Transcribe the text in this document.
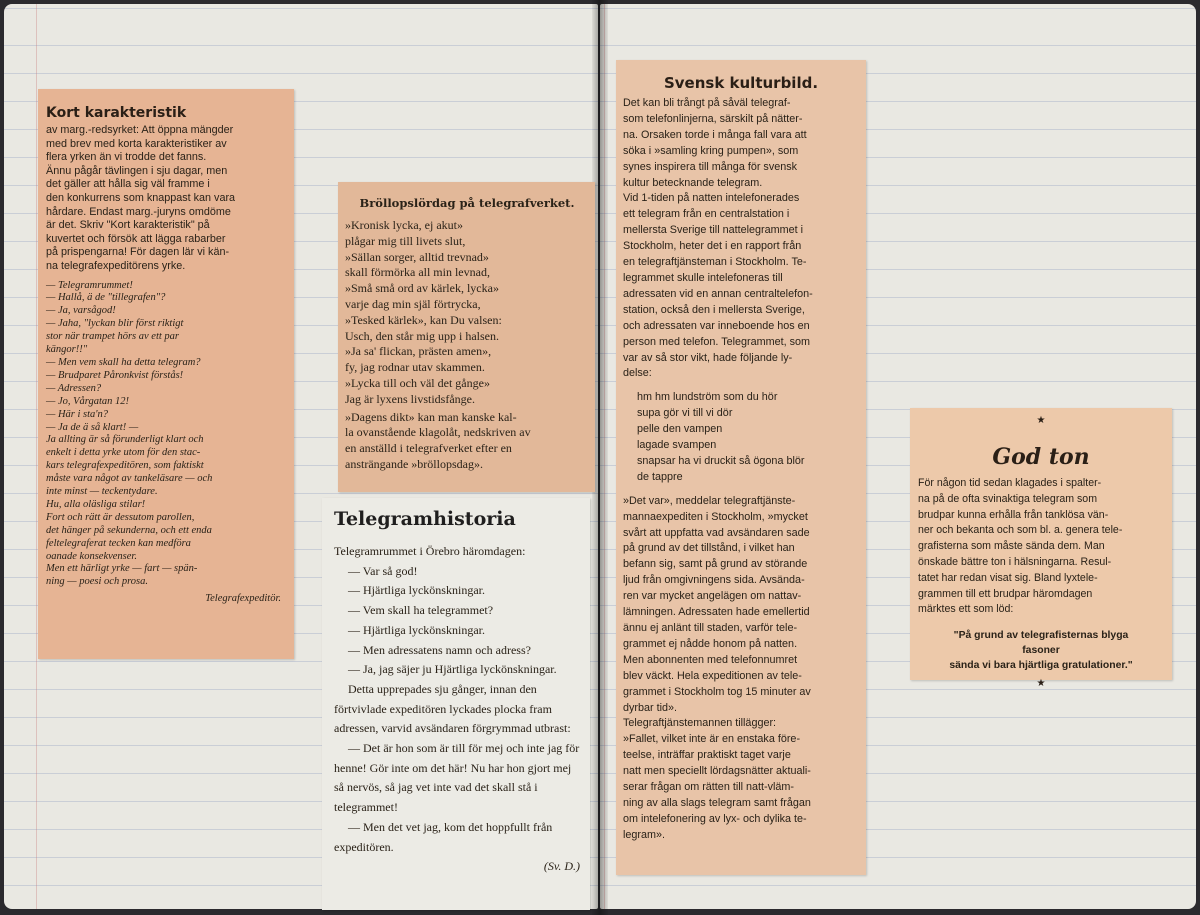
Kort karakteristik
av marg.-redsyrket: Att öppna mängder
med brev med korta karakteristiker av
flera yrken än vi trodde det fanns.
Ännu pågår tävlingen i sju dagar, men
det gäller att hålla sig väl framme i
den konkurrens som knappast kan vara
hårdare. Endast marg.-juryns omdöme
är det. Skriv "Kort karakteristik" på
kuvertet och försök att lägga rabarber
på prispengarna! För dagen lär vi kän-
na telegrafexpeditörens yrke.
— Telegramrummet!
— Hallå, ä de "tillegrafen"?
— Ja, varsågod!
— Jaha, "lyckan blir först riktigt
stor när trampet hörs av ett par
kängor!!"
— Men vem skall ha detta telegram?
— Brudparet Påronkvist förstås!
— Adressen?
— Jo, Vårgatan 12!
— Här i sta'n?
— Ja de ä så klart! —
Ja allting är så förunderligt klart och
enkelt i detta yrke utom för den stac-
kars telegrafexpeditören, som faktiskt
måste vara något av tankeläsare — och
inte minst — teckentydare.
Hu, alla oläsliga stilar!
Fort och rätt är dessutom parollen,
det hänger på sekunderna, och ett enda
feltelegraferat tecken kan medföra
oanade konsekvenser.
Men ett härligt yrke — fart — spän-
ning — poesi och prosa.
Telegrafexpeditör.
Bröllopslördag på telegrafverket.
»Kronisk lycka, ej akut»
plågar mig till livets slut,
»Sällan sorger, alltid trevnad»
skall förmörka all min levnad,
»Små små ord av kärlek, lycka»
varje dag min själ förtrycka,
»Tesked kärlek», kan Du valsen:
Usch, den står mig upp i halsen.
»Ja sa' flickan, prästen amen»,
fy, jag rodnar utav skammen.
»Lycka till och väl det gånge»
Jag är lyxens livstidsfånge.
»Dagens dikt» kan man kanske kal-
la ovanstående klagolåt, nedskriven av
en anställd i telegrafverket efter en
ansträngande »bröllopsdag».
Telegramhistoria
Telegramrummet i Örebro häromdagen:
— Var så god!
— Hjärtliga lyckönskningar.
— Vem skall ha telegrammet?
— Hjärtliga lyckönskningar.
— Men adressatens namn och adress?
— Ja, jag säjer ju Hjärtliga lyckönskningar.
Detta upprepades sju gånger, innan den förtvivlade expeditören lyckades plocka fram adressen, varvid avsändaren förgrymmad utbrast:
— Det är hon som är till för mej och inte jag för henne! Gör inte om det här! Nu har hon gjort mej så nervös, så jag vet inte vad det skall stå i telegrammet!
— Men det vet jag, kom det hoppfullt från expeditören.
(Sv. D.)
Svensk kulturbild.
Det kan bli trångt på såväl telegraf-
som telefonlinjerna, särskilt på nätter-
na. Orsaken torde i många fall vara att
söka i »samling kring pumpen», som
synes inspirera till många för svensk
kultur betecknande telegram.
Vid 1-tiden på natten intelefonerades
ett telegram från en centralstation i
mellersta Sverige till nattelegrammet i
Stockholm, heter det i en rapport från
en telegraftjänsteman i Stockholm. Te-
legrammet skulle intelefoneras till
adressaten vid en annan centraltelefon-
station, också den i mellersta Sverige,
och adressaten var inneboende hos en
person med telefon. Telegrammet, som
var av så stor vikt, hade följande ly-
delse:
hm hm lundström som du hör
supa gör vi till vi dör
pelle den vampen
lagade svampen
snapsar ha vi druckit så ögona blör
de tappre
»Det var», meddelar telegraftjänste-
mannaexpediten i Stockholm, »mycket
svårt att uppfatta vad avsändaren sade
på grund av det tillstånd, i vilket han
befann sig, samt på grund av störande
ljud från omgivningens sida. Avsända-
ren var mycket angelägen om nattav-
lämningen. Adressaten hade emellertid
ännu ej anlänt till staden, varför tele-
grammet ej nådde honom på natten.
Men abonnenten med telefonnumret
blev väckt. Hela expeditionen av tele-
grammet i Stockholm tog 15 minuter av
dyrbar tid».
Telegraftjänstemannen tillägger:
»Fallet, vilket inte är en enstaka före-
teelse, inträffar praktiskt taget varje
natt men speciellt lördagsnätter aktuali-
serar frågan om rätten till natt-vläm-
ning av alla slags telegram samt frågan
om intelefonering av lyx- och dylika te-
legram».
★
God ton
För någon tid sedan klagades i spalter-
na på de ofta svinaktiga telegram som
brudpar kunna erhålla från tanklösa vän-
ner och bekanta och som bl. a. genera tele-
grafisterna som måste sända dem. Man
önskade bättre ton i hälsningarna. Resul-
tatet har redan visat sig. Bland lyxtele-
grammen till ett brudpar häromdagen
märktes ett som löd:
"På grund av telegrafisternas blyga
fasoner
sända vi bara hjärtliga gratulationer."
★
